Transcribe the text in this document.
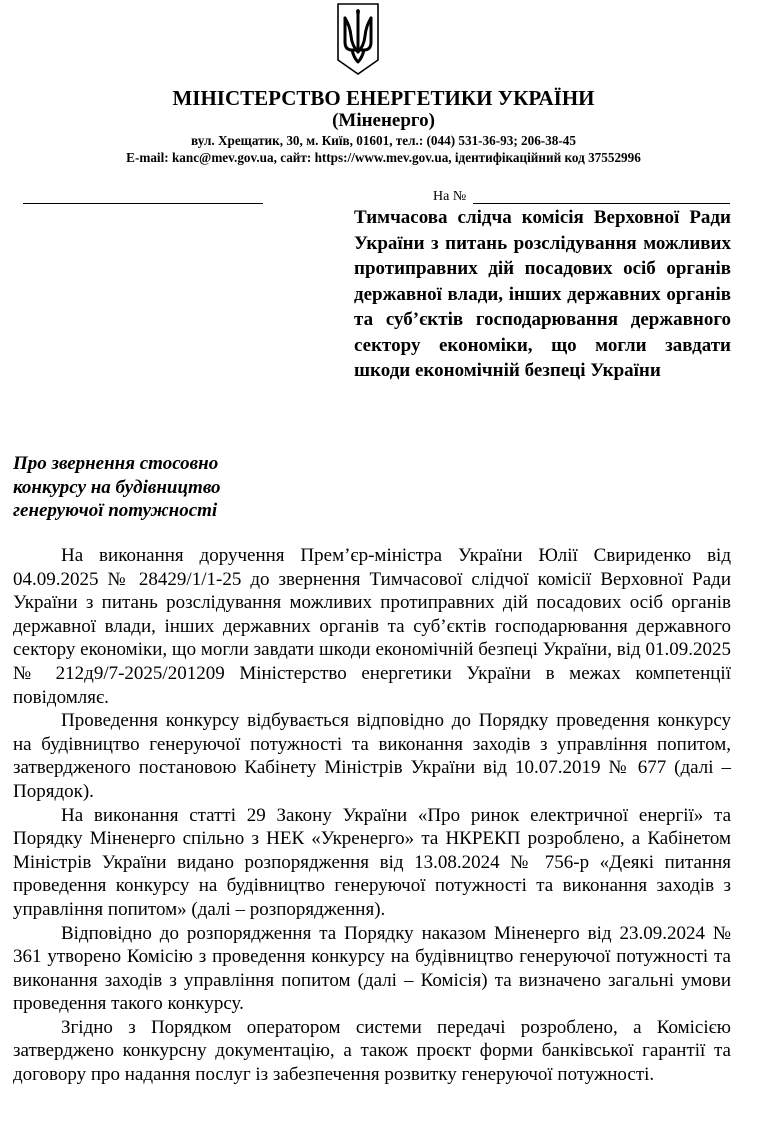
МІНІСТЕРСТВО ЕНЕРГЕТИКИ УКРАЇНИ
(Міненерго)
вул. Хрещатик, 30, м. Київ, 01601, тел.: (044) 531-36-93; 206-38-45
E-mail: kanc@mev.gov.ua, сайт: https://www.mev.gov.ua, ідентифікаційний код 37552996
На №
Тимчасова слідча комісія Верховної Ради України з питань розслідування можливих протиправних дій посадових осіб органів державної влади, інших державних органів та суб’єктів господарювання державного сектору економіки, що могли завдати шкоди економічній безпеці України
Про звернення стосовно
конкурсу на будівництво
генеруючої потужності

На виконання доручення Прем’єр-міністра України Юлії Свириденко від 04.09.2025 № 28429/1/1-25 до звернення Тимчасової слідчої комісії Верховної Ради України з питань розслідування можливих протиправних дій посадових осіб органів державної влади, інших державних органів та суб’єктів господарювання державного сектору економіки, що могли завдати шкоди економічній безпеці України, від 01.09.2025 № 212д9/7-2025/201209 Міністерство енергетики України в межах компетенції повідомляє.

Проведення конкурсу відбувається відповідно до Порядку проведення конкурсу на будівництво генеруючої потужності та виконання заходів з управління попитом, затвердженого постановою Кабінету Міністрів України від 10.07.2019 № 677 (далі – Порядок).

На виконання статті 29 Закону України «Про ринок електричної енергії» та Порядку Міненерго спільно з НЕК «Укренерго» та НКРЕКП розроблено, а Кабінетом Міністрів України видано розпорядження від 13.08.2024 № 756-р «Деякі питання проведення конкурсу на будівництво генеруючої потужності та виконання заходів з управління попитом» (далі – розпорядження).

Відповідно до розпорядження та Порядку наказом Міненерго від 23.09.2024 № 361 утворено Комісію з проведення конкурсу на будівництво генеруючої потужності та виконання заходів з управління попитом (далі – Комісія) та визначено загальні умови проведення такого конкурсу.

Згідно з Порядком оператором системи передачі розроблено, а Комісією затверджено конкурсну документацію, а також проєкт форми банківської гарантії та договору про надання послуг із забезпечення розвитку генеруючої потужності.
